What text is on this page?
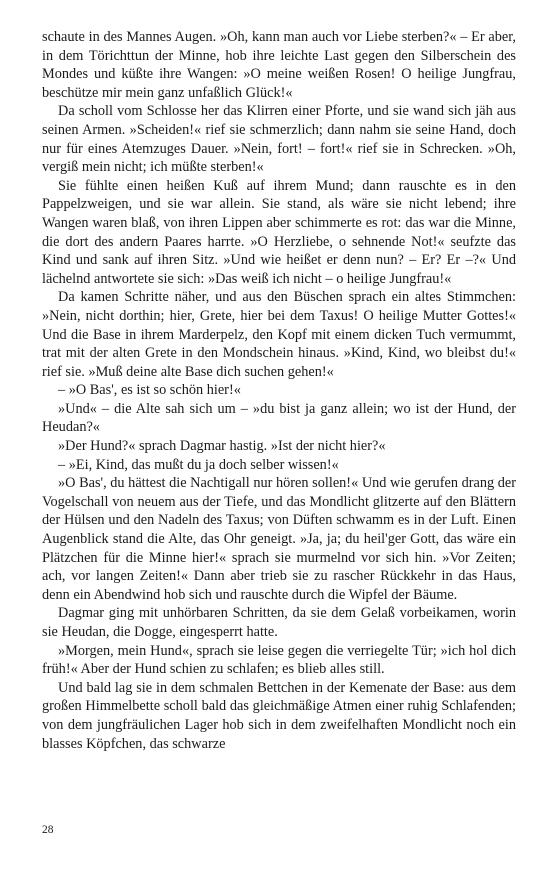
schaute in des Mannes Augen. »Oh, kann man auch vor Liebe sterben?« – Er aber, in dem Törichttun der Minne, hob ihre leichte Last gegen den Silberschein des Mondes und küßte ihre Wangen: »O meine weißen Rosen! O heilige Jungfrau, beschütze mir mein ganz unfaßlich Glück!«

Da scholl vom Schlosse her das Klirren einer Pforte, und sie wand sich jäh aus seinen Armen. »Scheiden!« rief sie schmerzlich; dann nahm sie seine Hand, doch nur für eines Atemzuges Dauer. »Nein, fort! – fort!« rief sie in Schrecken. »Oh, vergiß mein nicht; ich müßte sterben!«

Sie fühlte einen heißen Kuß auf ihrem Mund; dann rauschte es in den Pappelzweigen, und sie war allein. Sie stand, als wäre sie nicht lebend; ihre Wangen waren blaß, von ihren Lippen aber schimmerte es rot: das war die Minne, die dort des andern Paares harrte. »O Herzliebe, o sehnende Not!« seufzte das Kind und sank auf ihren Sitz. »Und wie heißet er denn nun? – Er? Er –?« Und lächelnd antwortete sie sich: »Das weiß ich nicht – o heilige Jungfrau!«

Da kamen Schritte näher, und aus den Büschen sprach ein altes Stimmchen: »Nein, nicht dorthin; hier, Grete, hier bei dem Taxus! O heilige Mutter Gottes!« Und die Base in ihrem Marderpelz, den Kopf mit einem dicken Tuch vermummt, trat mit der alten Grete in den Mondschein hinaus. »Kind, Kind, wo bleibst du!« rief sie. »Muß deine alte Base dich suchen gehen!«

– »O Bas', es ist so schön hier!«

»Und« – die Alte sah sich um – »du bist ja ganz allein; wo ist der Hund, der Heudan?«

»Der Hund?« sprach Dagmar hastig. »Ist der nicht hier?«

– »Ei, Kind, das mußt du ja doch selber wissen!«

»O Bas', du hättest die Nachtigall nur hören sollen!« Und wie gerufen drang der Vogelschall von neuem aus der Tiefe, und das Mondlicht glitzerte auf den Blättern der Hülsen und den Nadeln des Taxus; von Düften schwamm es in der Luft. Einen Augenblick stand die Alte, das Ohr geneigt. »Ja, ja; du heil'ger Gott, das wäre ein Plätzchen für die Minne hier!« sprach sie murmelnd vor sich hin. »Vor Zeiten; ach, vor langen Zeiten!« Dann aber trieb sie zu rascher Rückkehr in das Haus, denn ein Abendwind hob sich und rauschte durch die Wipfel der Bäume.

Dagmar ging mit unhörbaren Schritten, da sie dem Gelaß vorbeikamen, worin sie Heudan, die Dogge, eingesperrt hatte.

»Morgen, mein Hund«, sprach sie leise gegen die verriegelte Tür; »ich hol dich früh!« Aber der Hund schien zu schlafen; es blieb alles still.

Und bald lag sie in dem schmalen Bettchen in der Kemenate der Base: aus dem großen Himmelbette scholl bald das gleichmäßige Atmen einer ruhig Schlafenden; von dem jungfräulichen Lager hob sich in dem zweifelhaften Mondlicht noch ein blasses Köpfchen, das schwarze

28
